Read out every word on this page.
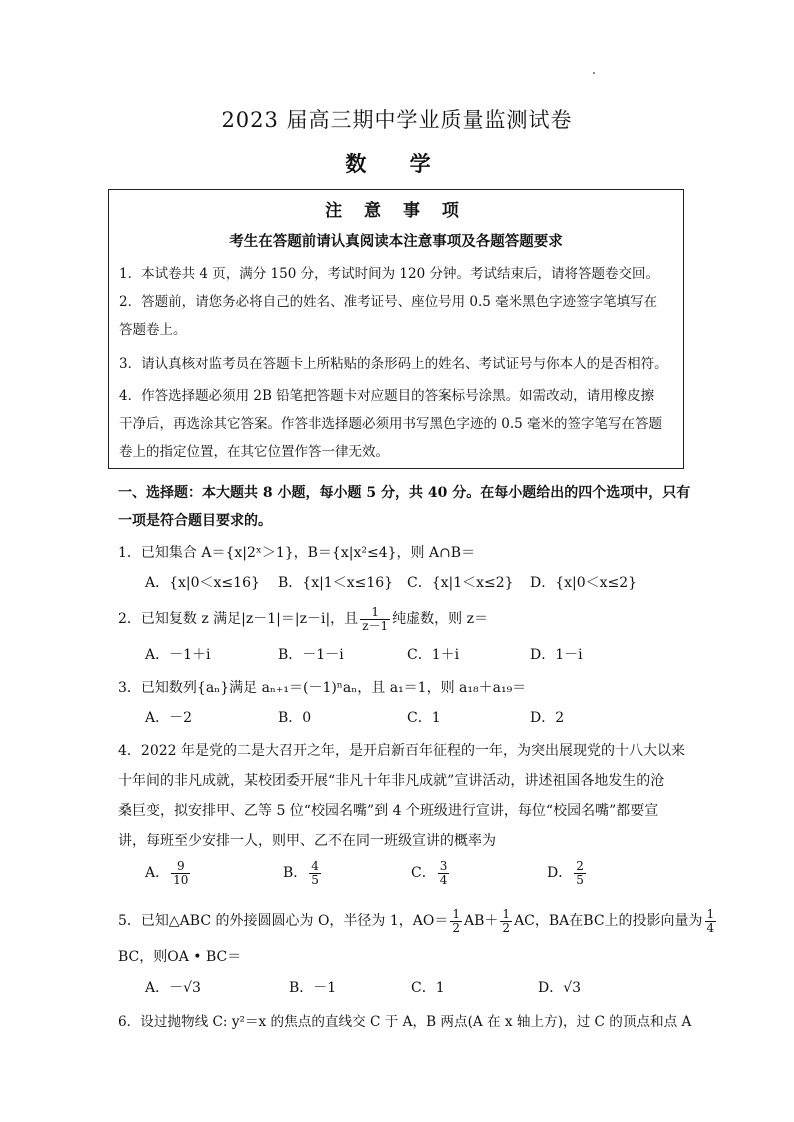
2023 届高三期中学业质量监测试卷
数 学
注 意 事 项
考生在答题前请认真阅读本注意事项及各题答题要求
1．本试卷共 4 页，满分 150 分，考试时间为 120 分钟。考试结束后，请将答题卷交回。
2．答题前，请您务必将自己的姓名、准考证号、座位号用 0.5 毫米黑色字迹签字笔填写在
答题卷上。
3．请认真核对监考员在答题卡上所粘贴的条形码上的姓名、考试证号与你本人的是否相符。
4．作答选择题必须用 2B 铅笔把答题卡对应题目的答案标号涂黑。如需改动，请用橡皮擦
干净后，再选涂其它答案。作答非选择题必须用书写黑色字迹的 0.5 毫米的签字笔写在答题
卷上的指定位置，在其它位置作答一律无效。
一、选择题：本大题共 8 小题，每小题 5 分，共 40 分。在每小题给出的四个选项中，只有
一项是符合题目要求的。
1．已知集合 A＝{x|2ˣ＞1}，B＝{x|x²≤4}，则 A∩B＝
A．{x|0＜x≤16} B．{x|1＜x≤16} C．{x|1＜x≤2} D．{x|0＜x≤2}
2．已知复数 z 满足|z－1|＝|z－i|，且 $\frac{1}{z-1}$ 纯虚数，则 z＝
A．－1＋i	B．－1－i	C．1＋i	D．1－i
3．已知数列{aₙ}满足 aₙ₊₁＝(－1)ⁿaₙ，且 a₁＝1，则 a₁₈＋a₁₉＝
A．－2	B．0	C．1	D．2
4．2022 年是党的二是大召开之年，是开启新百年征程的一年，为突出展现党的十八大以来
十年间的非凡成就，某校团委开展“非凡十年非凡成就”宣讲活动，讲述祖国各地发生的沧
桑巨变，拟安排甲、乙等 5 位“校园名嘴”到 4 个班级进行宣讲，每位“校园名嘴”都要宣
讲，每班至少安排一人，则甲、乙不在同一班级宣讲的概率为
A． $\frac{9}{10}$	B． $\frac{4}{5}$	C． $\frac{3}{4}$	D． $\frac{2}{5}$
5．已知△ABC 的外接圆圆心为 O，半径为 1，$AO= \frac{1}{2} AB+ \frac{1}{2}$ AC，BA在BC上的投影向量为 $\frac{1}{4}$
BC，则OA • BC＝
A．－√3	B．－1	C．1	D．√3
6．设过抛物线 C: y²＝x 的焦点的直线交 C 于 A，B 两点(A 在 x 轴上方)，过 C 的顶点和点 A
